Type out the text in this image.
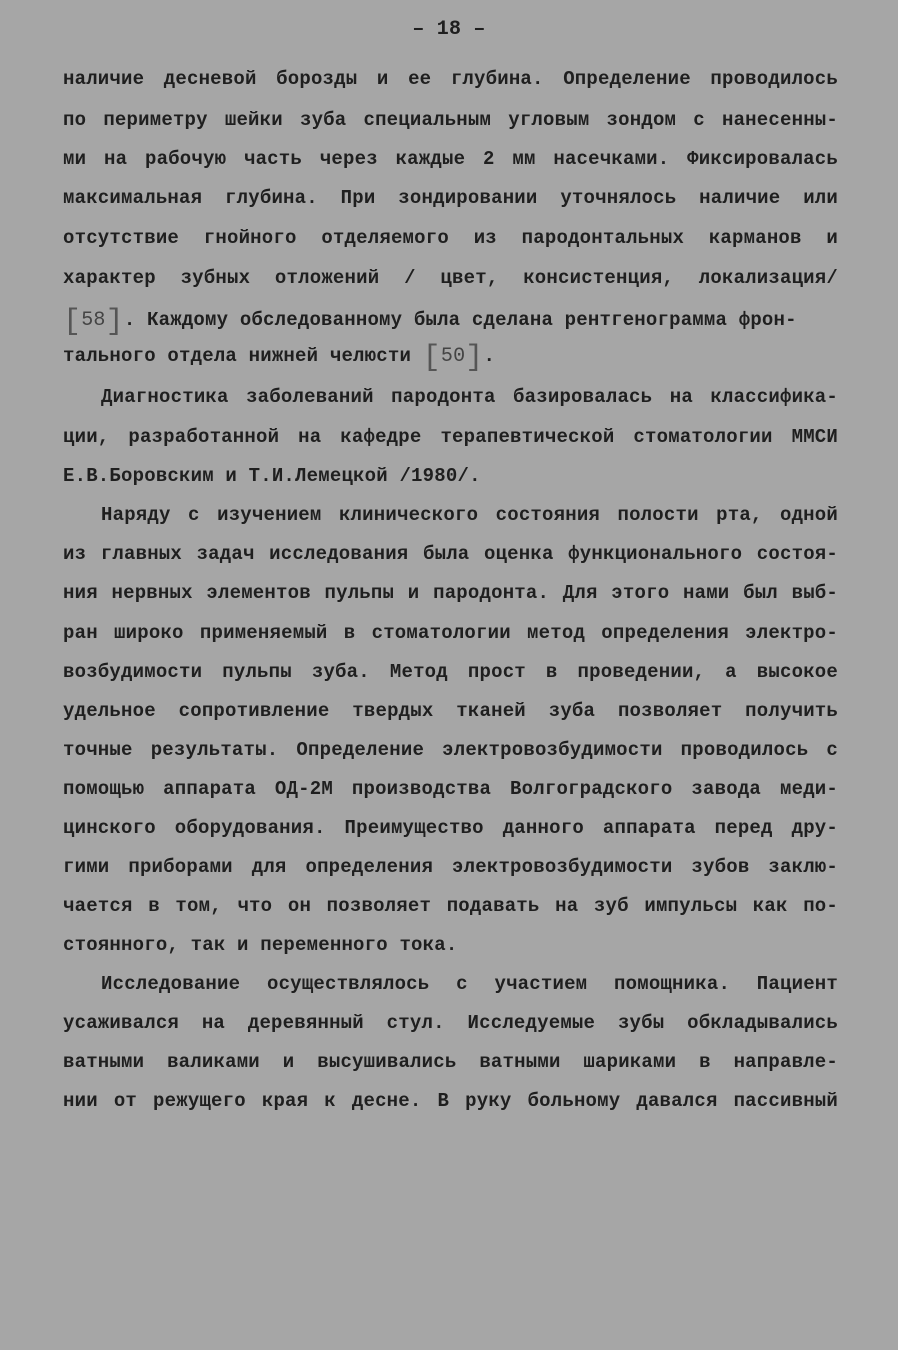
– 18 –
наличие десневой борозды и ее глубина. Определение проводилось
по периметру шейки зуба специальным угловым зондом с нанесенны-
ми на рабочую часть через каждые 2 мм насечками. Фиксировалась
максимальная глубина. При зондировании уточнялось наличие или
отсутствие гнойного отделяемого из пародонтальных карманов и
характер зубных отложений / цвет, консистенция, локализация/
[58]. Каждому обследованному была сделана рентгенограмма фрон-
тального отдела нижней челюсти [50].
Диагностика заболеваний пародонта базировалась на классифика-
ции, разработанной на кафедре терапевтической стоматологии ММСИ
Е.В.Боровским и Т.И.Лемецкой /1980/.
Наряду с изучением клинического состояния полости рта, одной
из главных задач исследования была оценка функционального состоя-
ния нервных элементов пульпы и пародонта. Для этого нами был выб-
ран широко применяемый в стоматологии метод определения электро-
возбудимости пульпы зуба. Метод прост в проведении, а высокое
удельное сопротивление твердых тканей зуба позволяет получить
точные результаты. Определение электровозбудимости проводилось с
помощью аппарата ОД-2М производства Волгоградского завода меди-
цинского оборудования. Преимущество данного аппарата перед дру-
гими приборами для определения электровозбудимости зубов заклю-
чается в том, что он позволяет подавать на зуб импульсы как по-
стоянного, так и переменного тока.
Исследование осуществлялось с участием помощника. Пациент
усаживался на деревянный стул. Исследуемые зубы обкладывались
ватными валиками и высушивались ватными шариками в направле-
нии от режущего края к десне. В руку больному давался пассивный
